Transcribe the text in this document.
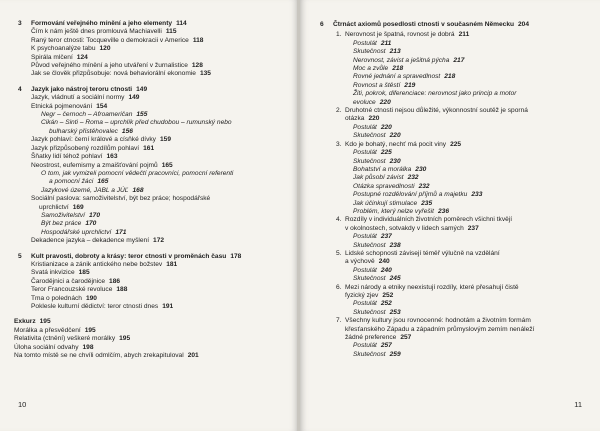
3 Formování veřejného mínění a jeho elementy 114
Čím k nám ještě dnes promlouvá Machiavelli 115
Raný teror ctnosti: Tocqueville o demokracii v Americe 118
K psychoanalýze tabu 120
Spirála mlčení 124
Původ veřejného mínění a jeho utváření v žurnalistice 128
Jak se člověk přizpůsobuje: nová behaviorální ekonomie 135
4 Jazyk jako nástroj teroru ctnosti 149
Jazyk, vládnutí a sociální normy 149
Etnická pojmenování 154
Negr – černoch – Afroameričan 155
Cikán – Sinti – Roma – uprchlík před chudobou – rumunský nebo
bulharský přistěhovalec 156
Jazyk pohlaví: černí králové a císňké dívky 159
Jazyk přizpůsobený rozdílům pohlaví 161
Šňatky lidí téhož pohlaví 163
Neostrost, eufemismy a zmaišťování pojmů 165
O tom, jak vymizeli pomocní vědečtí pracovníci, pomocní referenti
a pomocní žáci 165
Jazykové územé, JABL a JÚĽ 168
Sociální paslova: samoživitelství, být bez práce; hospodářské
uprchlictví 169
Samoživitelství 170
Být bez práce 170
Hospodářské uprchlictví 171
Dekadence jazyka – dekadence myšlení 172
5 Kult pravosti, dobroty a krásy: teror ctnosti v proměnách času 178
Kristianizace a zánik antického nebe božstev 181
Svatá inkvizice 185
Čarodějnici a čarodějnice 186
Teror Francouzské revoluce 188
Tma o polednách 190
Poklesle kulturní dědictví: teror ctnosti dnes 191
Exkurz 195
Morálka a přesvědčení 195
Relativita (ctnění) veškeré morálky 195
Úloha sociální odvahy 198
Na tomto místě se ne chvíli odmlčím, abych zrekapituloval 201
10
6 Čtrnáct axiomů posedlosti ctnosti v současném Německu 204
1. Nerovnost je špatná, rovnost je dobrá 211
Postulát 211
Skutečnost 213
Nerovnost, závist a ješitná pýcha 217
Moc a zvůle 218
Rovné jednání a spravedlnost 218
Rovnost a štěstí 219
Žiti, pokrok, diferenciace: nerovnost jako princip a motor
evoluce 220
2. Druhotné ctnosti nejsou důležité, výkonnostní soutěž je sporná
otázka 220
Postulát 220
Skutečnost 220
3. Kdo je bohatý, nechť má pocit viny 225
Postulát 225
Skutečnost 230
Bohatství a morálka 230
Jak působí závist 232
Otázka spravedlnosti 232
Postupné rozdělování příjmů a majetku 233
Jak účinkují stimulace 235
Problém, který nelze vyřešit 236
4. Rozdíly v individuálních životních poměrech všichni tkvějí
v okolnostech, sotvakdy v lidech samých 237
Postulát 237
Skutečnost 238
5. Lidské schopnosti závisejí téměř výlučně na vzdělání
a výchově 240
Postulát 240
Skutečnost 245
6. Mezi národy a etniky neexistují rozdíly, které přesahují čistě
fyzický zjev 252
Postulát 252
Skutečnost 253
7. Všechny kultury jsou rovnocenné: hodnotám a životním formám
křesťanského Západu a západním průmyslovým zemím nenáleží
žádné preference 257
Postulát 257
Skutečnost 259
11
